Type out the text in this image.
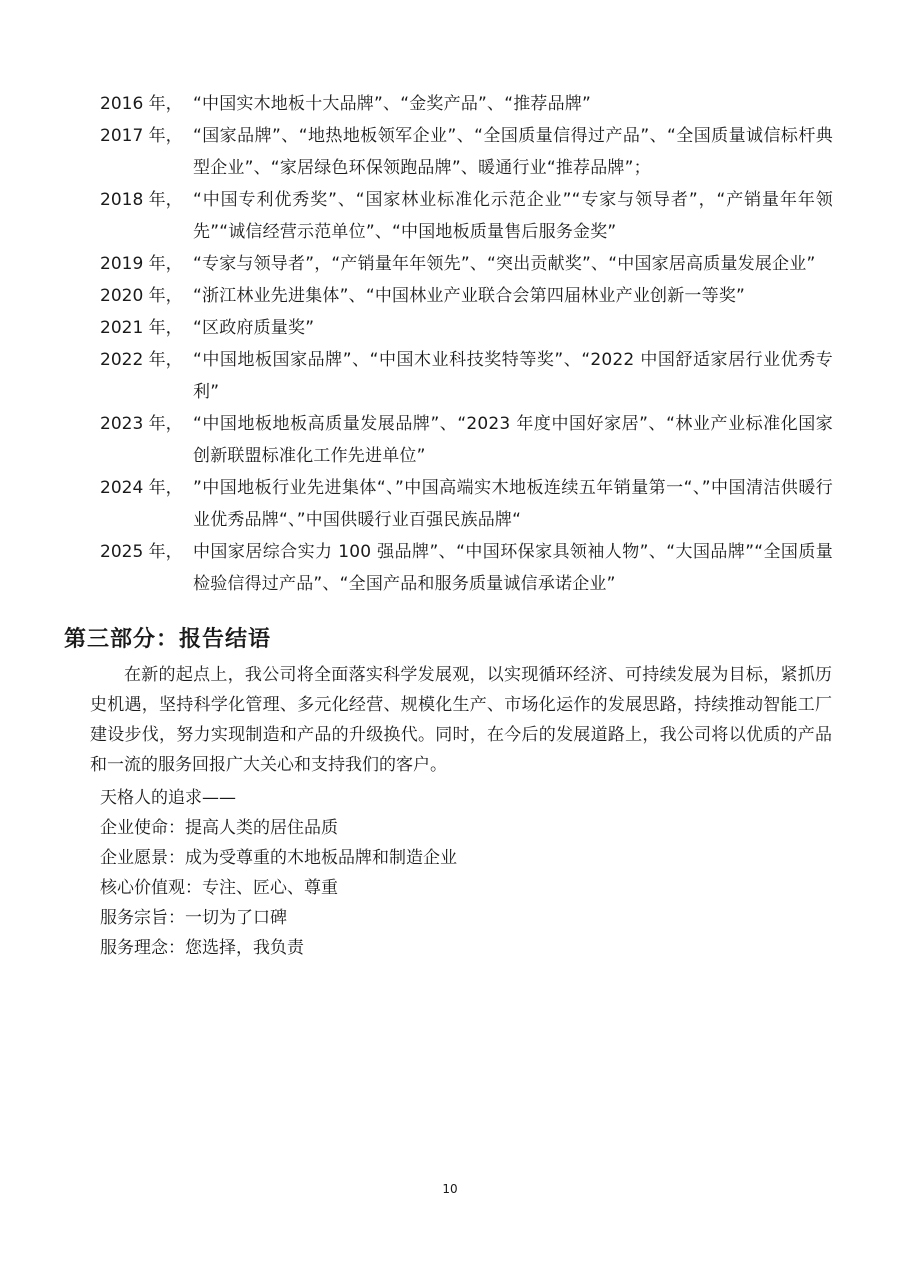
2016 年， “中国实木地板十大品牌”、“金奖产品”、“推荐品牌”
2017 年， “国家品牌”、“地热地板领军企业”、“全国质量信得过产品”、“全国质量诚信标杆典型企业”、“家居绿色环保领跑品牌”、暖通行业“推荐品牌”；
2018 年， “中国专利优秀奖”、“国家林业标准化示范企业”“专家与领导者”，“产销量年年领先”“诚信经营示范单位”、“中国地板质量售后服务金奖”
2019 年， “专家与领导者”，“产销量年年领先”、“突出贡献奖”、“中国家居高质量发展企业”
2020 年， “浙江林业先进集体”、“中国林业产业联合会第四届林业产业创新一等奖”
2021 年， “区政府质量奖”
2022 年， “中国地板国家品牌”、“中国木业科技奖特等奖”、“2022 中国舒适家居行业优秀专利”
2023 年， “中国地板地板高质量发展品牌”、“2023 年度中国好家居”、“林业产业标准化国家创新联盟标准化工作先进单位”
2024 年， ”中国地板行业先进集体“、”中国高端实木地板连续五年销量第一“、”中国清洁供暖行业优秀品牌“、”中国供暖行业百强民族品牌“
2025 年， 中国家居综合实力 100 强品牌”、“中国环保家具领袖人物”、“大国品牌”“全国质量检验信得过产品”、“全国产品和服务质量诚信承诺企业”
第三部分：报告结语

在新的起点上，我公司将全面落实科学发展观，以实现循环经济、可持续发展为目标，紧抓历史机遇，坚持科学化管理、多元化经营、规模化生产、市场化运作的发展思路，持续推动智能工厂建设步伐，努力实现制造和产品的升级换代。同时，在今后的发展道路上，我公司将以优质的产品和一流的服务回报广大关心和支持我们的客户。

天格人的追求——
企业使命：提高人类的居住品质
企业愿景：成为受尊重的木地板品牌和制造企业
核心价值观：专注、匠心、尊重
服务宗旨：一切为了口碑
服务理念：您选择，我负责
10
